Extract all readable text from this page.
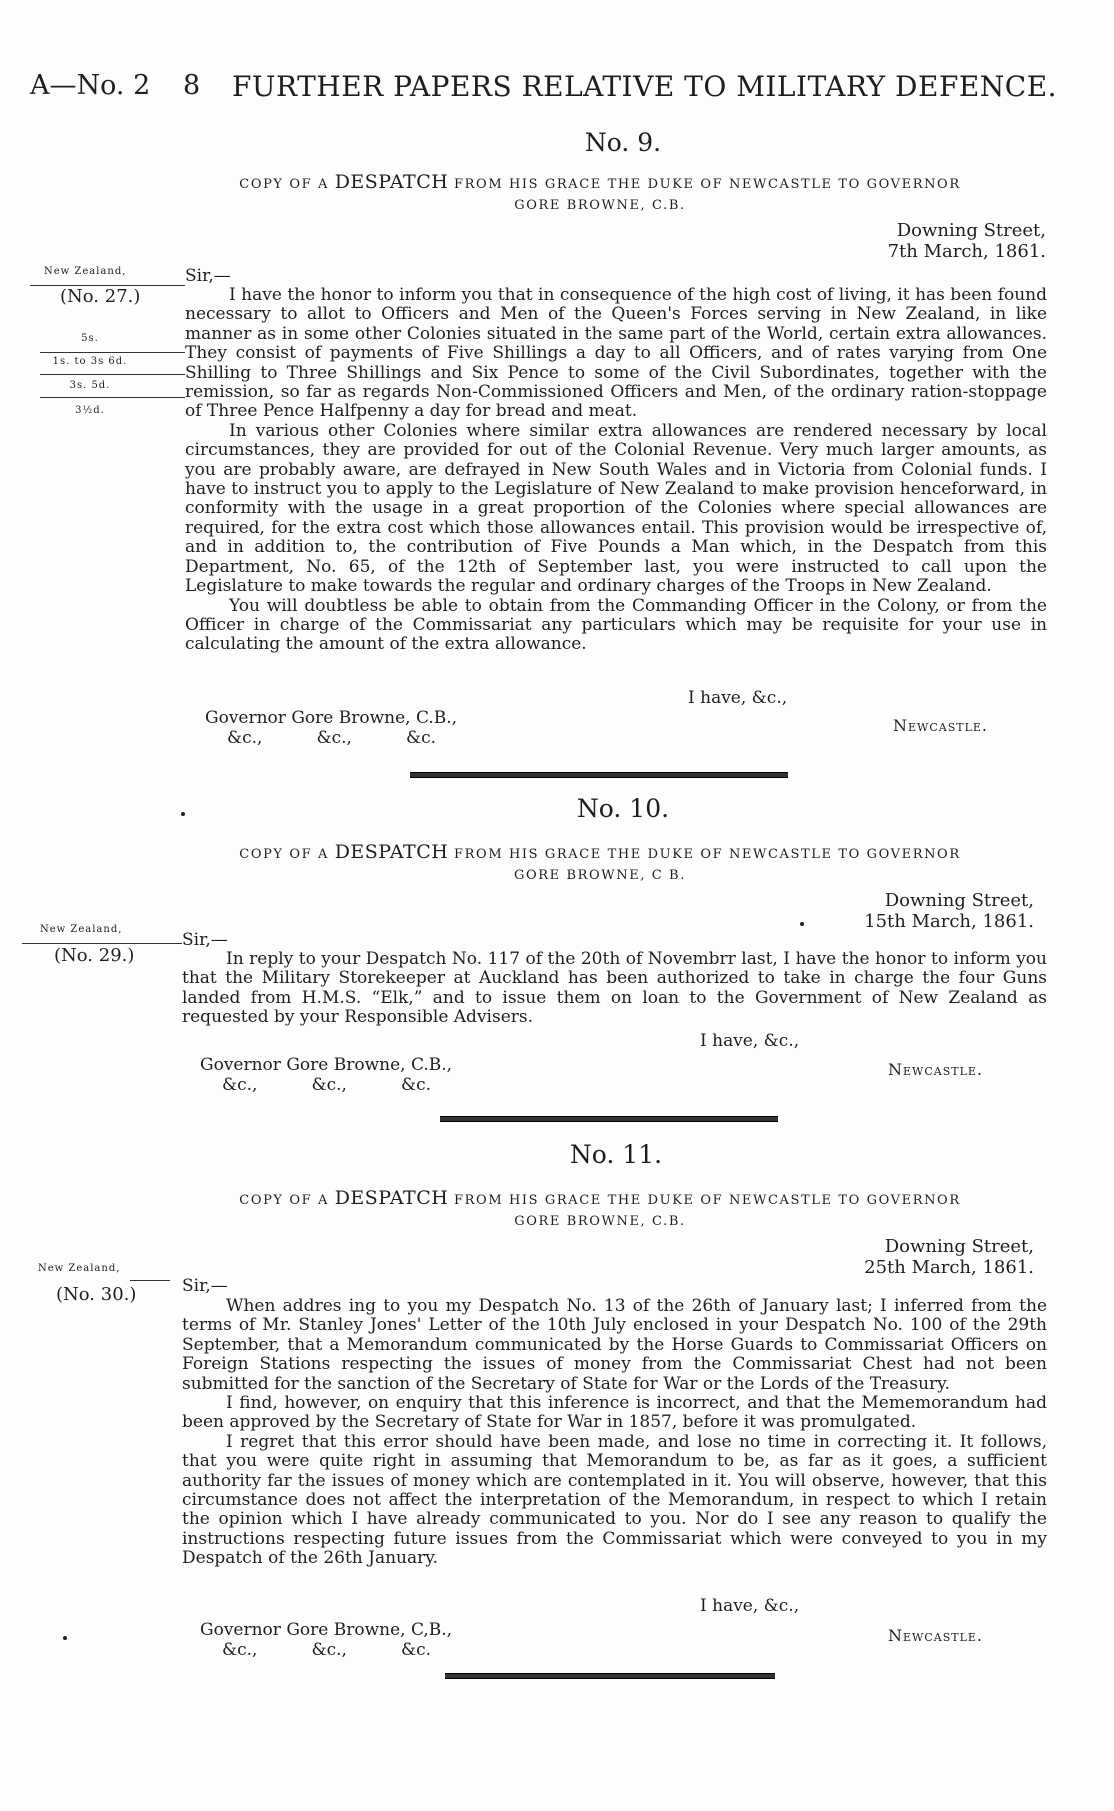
A—No. 2 8 FURTHER PAPERS RELATIVE TO MILITARY DEFENCE.
No. 9.
COPY OF A DESPATCH FROM HIS GRACE THE DUKE OF NEWCASTLE TO GOVERNOR
GORE BROWNE, C.B.
Downing Street,
7th March, 1861.
New Zealand,
(No. 27.)
5s.
1s. to 3s 6d.
3s. 5d.
3½d.
Sir,—

I have the honor to inform you that in consequence of the high cost of living, it has been found necessary to allot to Officers and Men of the Queen's Forces serving in New Zealand, in like manner as in some other Colonies situated in the same part of the World, certain extra allowances. They consist of payments of Five Shillings a day to all Officers, and of rates varying from One Shilling to Three Shillings and Six Pence to some of the Civil Subordinates, together with the remission, so far as regards Non-Commissioned Officers and Men, of the ordinary ration-stoppage of Three Pence Halfpenny a day for bread and meat.

In various other Colonies where similar extra allowances are rendered necessary by local circumstances, they are provided for out of the Colonial Revenue. Very much larger amounts, as you are probably aware, are defrayed in New South Wales and in Victoria from Colonial funds. I have to instruct you to apply to the Legislature of New Zealand to make provision henceforward, in conformity with the usage in a great proportion of the Colonies where special allowances are required, for the extra cost which those allowances entail. This provision would be irrespective of, and in addition to, the contribution of Five Pounds a Man which, in the Despatch from this Department, No. 65, of the 12th of September last, you were instructed to call upon the Legislature to make towards the regular and ordinary charges of the Troops in New Zealand.

You will doubtless be able to obtain from the Commanding Officer in the Colony, or from the Officer in charge of the Commissariat any particulars which may be requisite for your use in calculating the amount of the extra allowance.

I have, &c.,
Governor Gore Browne, C.B.,
&c.,          &c.,          &c.
Newcastle.
No. 10.
COPY OF A DESPATCH FROM HIS GRACE THE DUKE OF NEWCASTLE TO GOVERNOR
GORE BROWNE, C B.
Downing Street,
15th March, 1861.
New Zealand,
(No. 29.)
Sir,—

In reply to your Despatch No. 117 of the 20th of Novembrr last, I have the honor to inform you that the Military Storekeeper at Auckland has been authorized to take in charge the four Guns landed from H.M.S. “Elk,” and to issue them on loan to the Government of New Zealand as requested by your Responsible Advisers.

I have, &c.,
Governor Gore Browne, C.B.,
&c.,          &c.,          &c.
Newcastle.
No. 11.
COPY OF A DESPATCH FROM HIS GRACE THE DUKE OF NEWCASTLE TO GOVERNOR
GORE BROWNE, C.B.
Downing Street,
25th March, 1861.
New Zealand,
(No. 30.)	Sir,—

When addres ing to you my Despatch No. 13 of the 26th of January last; I inferred from the terms of Mr. Stanley Jones' Letter of the 10th July enclosed in your Despatch No. 100 of the 29th September, that a Memorandum communicated by the Horse Guards to Commissariat Officers on Foreign Stations respecting the issues of money from the Commissariat Chest had not been submitted for the sanction of the Secretary of State for War or the Lords of the Treasury.

I find, however, on enquiry that this inference is incorrect, and that the Mememorandum had been approved by the Secretary of State for War in 1857, before it was promulgated.

I regret that this error should have been made, and lose no time in correcting it. It follows, that you were quite right in assuming that Memorandum to be, as far as it goes, a sufficient authority far the issues of money which are contemplated in it. You will observe, however, that this circumstance does not affect the interpretation of the Memorandum, in respect to which I retain the opinion which I have already communicated to you. Nor do I see any reason to qualify the instructions respecting future issues from the Commissariat which were conveyed to you in my Despatch of the 26th January.

I have, &c.,
Governor Gore Browne, C,B.,
&c.,          &c.,          &c.
Newcastle.
